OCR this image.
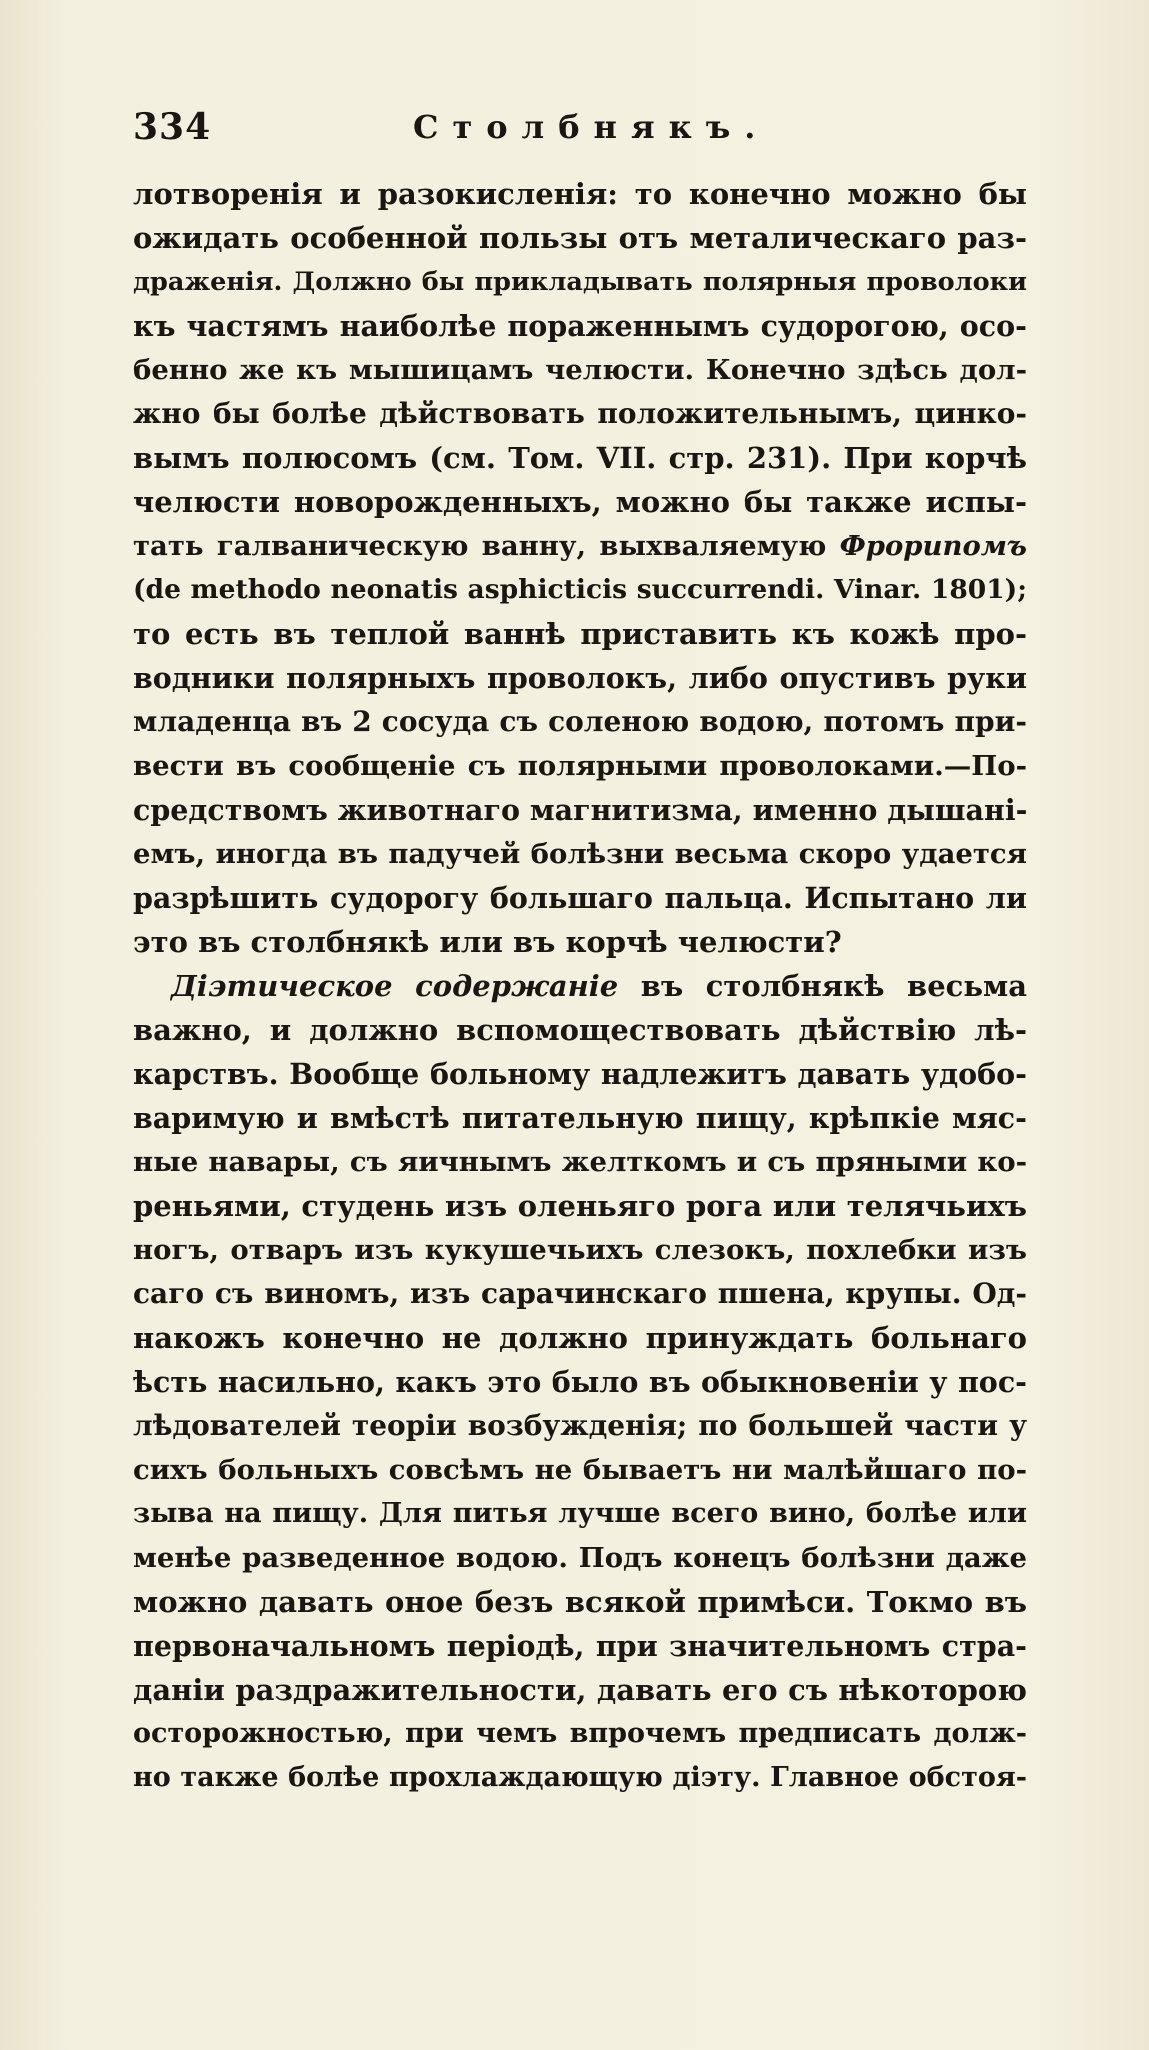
334	Столбнякъ.
лотворенія и разокисленія: то конечно можно бы
ожидать особенной пользы отъ металическаго раз-
драженія. Должно бы прикладывать полярныя проволоки
къ частямъ наиболѣе пораженнымъ судорогою, осо-
бенно же къ мышицамъ челюсти. Конечно здѣсь дол-
жно бы болѣе дѣйствовать положительнымъ, цинко-
вымъ полюсомъ (см. Том. VII. стр. 231). При корчѣ
челюсти новорожденныхъ, можно бы также испы-
тать галваническую ванну, выхваляемую Фрорипомъ
(de methodo neonatis asphicticis succurrendi. Vinar. 1801);
то есть въ теплой ваннѣ приставить къ кожѣ про-
водники полярныхъ проволокъ, либо опустивъ руки
младенца въ 2 сосуда съ соленою водою, потомъ при-
вести въ сообщеніе съ полярными проволоками.—По-
средствомъ животнаго магнитизма, именно дышані-
емъ, иногда въ падучей болѣзни весьма скоро удается
разрѣшить судорогу большаго пальца. Испытано ли
это въ столбнякѣ или въ корчѣ челюсти?
Діэтическое содержаніе въ столбнякѣ весьма
важно, и должно вспомоществовать дѣйствію лѣ-
карствъ. Вообще больному надлежитъ давать удобо-
варимую и вмѣстѣ питательную пищу, крѣпкіе мяс-
ные навары, съ яичнымъ желткомъ и съ пряными ко-
реньями, студень изъ оленьяго рога или телячьихъ
ногъ, отваръ изъ кукушечьихъ слезокъ, похлебки изъ
саго съ виномъ, изъ сарачинскаго пшена, крупы. Од-
накожъ конечно не должно принуждать больнаго
ѣсть насильно, какъ это было въ обыкновеніи у пос-
лѣдователей теоріи возбужденія; по большей части у
сихъ больныхъ совсѣмъ не бываетъ ни малѣйшаго по-
зыва на пищу. Для питья лучше всего вино, болѣе или
менѣе разведенное водою. Подъ конецъ болѣзни даже
можно давать оное безъ всякой примѣси. Токмо въ
первоначальномъ періодѣ, при значительномъ стра-
даніи раздражительности, давать его съ нѣкоторою
осторожностью, при чемъ впрочемъ предписать долж-
но также болѣе прохлаждающую діэту. Главное обстоя-
